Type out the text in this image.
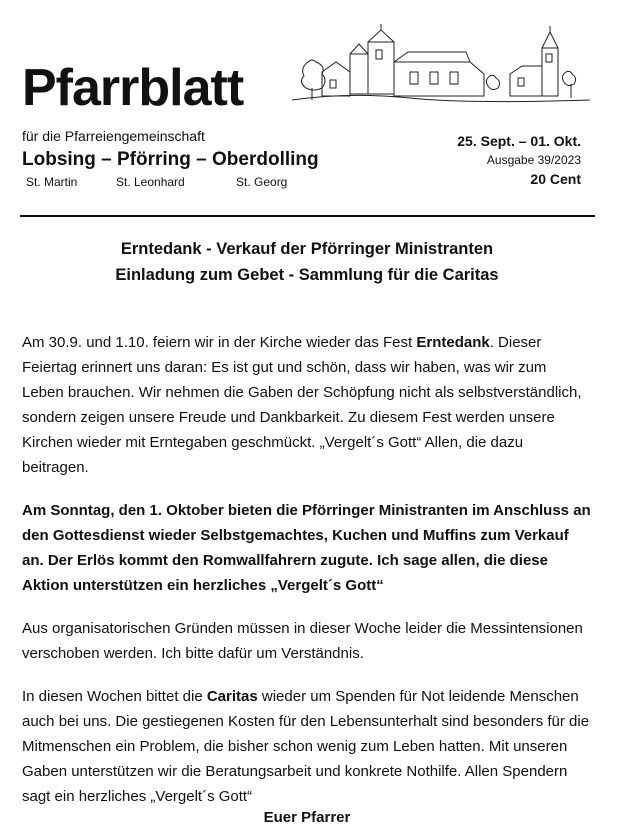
Pfarrblatt
für die Pfarreiengemeinschaft
Lobsing – Pförring – Oberdolling
St. Martin	St. Leonhard	St. Georg
25. Sept. – 01. Okt.
Ausgabe 39/2023
20 Cent
Erntedank - Verkauf der Pförringer Ministranten
Einladung zum Gebet - Sammlung für die Caritas

Am 30.9. und 1.10. feiern wir in der Kirche wieder das Fest Erntedank. Dieser Feiertag erinnert uns daran: Es ist gut und schön, dass wir haben, was wir zum Leben brauchen. Wir nehmen die Gaben der Schöpfung nicht als selbstverständlich, sondern zeigen unsere Freude und Dankbarkeit. Zu diesem Fest werden unsere Kirchen wieder mit Erntegaben geschmückt. „Vergelt´s Gott“ Allen, die dazu beitragen.

Am Sonntag, den 1. Oktober bieten die Pförringer Ministranten im Anschluss an den Gottesdienst wieder Selbstgemachtes, Kuchen und Muffins zum Verkauf an. Der Erlös kommt den Romwallfahrern zugute. Ich sage allen, die diese Aktion unterstützen ein herzliches „Vergelt´s Gott“

Aus organisatorischen Gründen müssen in dieser Woche leider die Messintensionen verschoben werden. Ich bitte dafür um Verständnis.

In diesen Wochen bittet die Caritas wieder um Spenden für Not leidende Menschen auch bei uns. Die gestiegenen Kosten für den Lebensunterhalt sind besonders für die Mitmenschen ein Problem, die bisher schon wenig zum Leben hatten. Mit unseren Gaben unterstützen wir die Beratungsarbeit und konkrete Nothilfe. Allen Spendern sagt ein herzliches „Vergelt´s Gott“

Euer Pfarrer
